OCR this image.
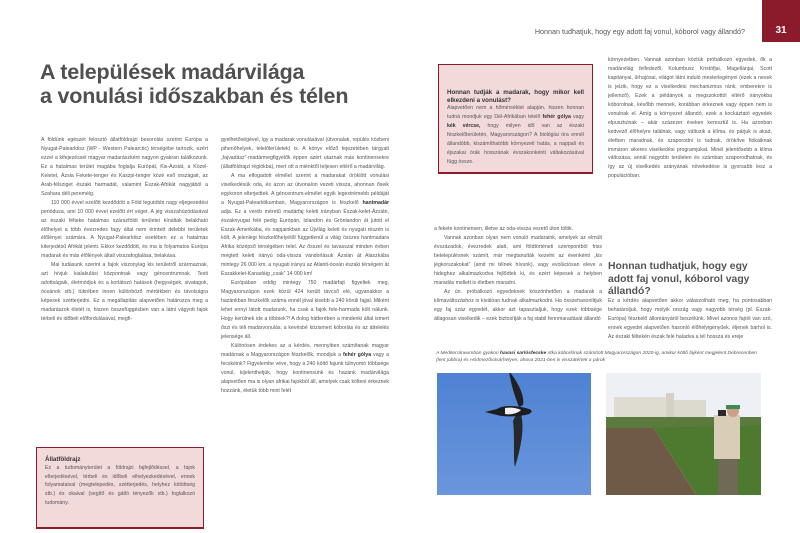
Honnan tudhatjuk, hogy egy adott faj vonul, kóborol vagy állandó?	31
A települések madárvilága
a vonulási időszakban és télen

A földünk egészét felosztó állatföldrajzi besorolás szerint Európa a Nyugat-Palearktisz (WP - Western Palearctic) térségébe tartozik, ezért ezzel a kifejezéssel magyar madarászként nagyon gyakran találkozunk. Ez a hatalmas terület magába foglalja Európát, Kis-Ázsiát, a Közel-Keletet, Ázsia Fekete-tenger és Kaszpi-tenger közé eső országait, az Arab-félsziget északi harmadát, valamint Észak-Afrikát nagyjából a Szahara déli pereméig.

110 000 évvel ezelőtt kezdődött a Föld legutóbbi nagy eljegesedési periódusa, ami 10 000 évvel ezelőtt ért véget. A jég visszahúzódásával az északi félteke hatalmas szárazföldi területei kínáltak belakható élőhelyet a több évezredes fagy által nem érintett délebbi területek élőlényei számára. A Nyugat-Palearktisz esetében ez a hatalmas kiterjedésű Afrikát jelenti. Ekkor kezdődött, és ma is folyamatos Európa madarak és más élőlények általi visszafoglalása, belakása.

Mai tudásunk szerint a fajok viszonylag kis területről származnak, azt hívjuk kialakulási központnak vagy géncentrumnak. Testi adottságaik, életmódjuk és a korlátozó hatások (hegységek, sivatagok, óceánok stb.) tükrében innen különböző mértékben és távolságra képesek szétterjedni. Ez a megállapítás alapvetően határozza meg a madarászok életét is, hiszen összefüggésben van a látni vágyott fajok térbeli és időbeli előfordulásával, megfi-

Állatföldrajz
Ez a tudományterület a földrajzi fajfejlődéssel, a fajok elterjedésével, térbeli és időbeli elhelyezkedésével, ennek folyamataival (megtelepedés, szétterjedés, helyhez kötöttség stb.) és okaival (segítő és gátló tényezők stb.) foglalkozó tudomány.

gyelhetőségével, így a madarak vonulásával (útvonalak, repülés közbeni pihenőhelyek, telelőterületek) is. A könyv előző fejezetében tárgyalt „fajvadász”-madármegfigyelők éppen azért utaznak más kontinensekre (állatföldrajzi régiókba), mert ott a miénktől teljesen eltérő a madárvilág.

A ma elfogadott elmélet szerint a madarakat öröklött vonulási viselkedésük oda, és azon az útvonalon vezeti vissza, ahonnan őseik egykoron elterjedtek. A géncentrum-elmélet egyik legextrémebb példáját a Nyugat-Palearktikumban, Magyarországon is fészkelő hantmadár adja. Ez a veréb méretű madárfaj keleti irányban Észak-kelet-Ázsián, északnyugat felé pedig Európán, Izlandon és Grönlandon át jutott el Észak-Amerikába, és napjainkban az Újvilág keleti és nyugati részén is költ. A jelenlegi fészkelőhelyétől függetlenül a világ összes hantmadara Afrika középső térségében telel. Az ősszel és tavasszal minden évben megtett keleti irányú oda-vissza vándorlásuk Ázsián át Alaszkába mintegy 26 000 km, a nyugati irányú az Atlanti-óceán északi térségein át Északkelet-Kanadáig „csak” 14 000 km!

Európában eddig mintegy 750 madárfajt figyeltek meg, Magyarországon ezek közül 424 került távcső elé, ugyanakkor a hazánkban fészkelők száma ennél jóval kisebb a 240 körüli fajjal. Miként lehet ennyi látott madarunk, ha csak a fajok fele-harmada költ nálunk. Hogy kerülnek ide a többiek?! A dolog hátterében a mindenki által ismert őszi és téli madárvonulás, a kevésbé közismert kóborlás és az áttelelés jelensége áll.

Különösen érdekes az a kérdés, mennyiben számítanak magyar madárnak a Magyarországon fészkelők, mondjuk a fehér gólya vagy a fecskéink? Figyelembe véve, hogy a 240 költő fajunk túlnyomó többsége vonul, kijelenthetjük, hogy kontinensünk és hazánk madárvilága alapvetően ma is olyan afrikai fajokból áll, amelyek csak költeni érkeznek hozzánk, életük több mint felét

Honnan tudják a madarak, hogy mikor kell elkezdeni a vonulást?
Alapvetően nem a hőmérséklet alapján, hiszen honnan tudná mondjuk egy Dél-Afrikában telelő fehér gólya vagy kék vércse, hogy milyen idő van az északi fészkelőterületén, Magyarországon? A biológiai óra ennél állandóbb, kiszámíthatóbb környezeti hatás, a nappali és éjszakai órák hosszának évszakonkénti váltakozásával függ össze.

a fekete kontinensen, illetve az oda-vissza vezető úton töltik.

Vannak azonban olyan nem vonuló madaraink, amelyek az elmúlt évszázadok, évezredek alatt, ami földtörténeti szempontból friss betelepülésnek számít, már megtanulták kezelni az évenkénti „kis jégkorszakokat” (amit mi télnek hívunk), vagy evolúciósan eleve a hideghez alkalmazkodva fejlődtek ki, és ezért képesek a helyben maradás mellett is életben maradni.

Az ún. próbálkozó egyedeknek köszönhetően a madarak a klímaváltozáshoz is kiválóan tudnak alkalmazkodni. Ha összehasonlítjuk egy faj száz egyedét, akkor azt tapasztaljuk, hogy ezek többsége átlagosan viselkedik – ezek biztosítják a faj stabil fennmaradását állandó

környezetben. Vannak azonban köztük próbálkozó egyedek, ők a madárvilág felfedezői, Kolumbusz Kristófjai, Magellánjai, Scott kapitányai, űrhajósai, világot látni induló mesterlegényei (ezek a nevek is jelzik, hogy ez a viselkedési mechanizmus ránk, emberekre is jellemző). Ezek a példányok a megszokottól eltérő irányokba kóborolnak, később mennek, korábban érkeznek vagy éppen nem is vonulnak el. Amíg a környezet állandó, ezek a kockáztató egyedek elpusztulnak – akár százezer éveken keresztül is. Ha azonban kedvező élőhelyre találnak, vagy változik a klíma, és párjuk is akad, életben maradnak, és szaporodni is tudnak, örökítve fiókáiknak immáron sikeres viselkedési programjukat. Minél jelentősebb a klíma változása, annál nagyobb területen és számban szaporodhatnak, és így az új viselkedés arányának növekedése is gyorsabb lesz a populációban.

Honnan tudhatjuk, hogy egy adott faj vonul, kóborol vagy állandó?

Ez a kérdés alapvetően akkor válaszolható meg, ha pontosabban behatároljuk, hogy melyik ország vagy nagyobb térség (pl. Észak-Európa) fészkelő állományáról beszélünk. Mivel azonos fajról van szó, ennek egyedei alapvetően hasonló élőhelyigényűek, éljenek bárhol is. Az északi féltekén észak felé haladva a tél hossza és ereje

A Mediterráneumban gyakori havasi sarlósfecske ritka kóborlónak számított Magyarországon 2020-ig, amikor költő fajként megjelent Debrecenben (lent jobbra) és Hódmezővásárhelyen, ahova 2021-ben is visszatértek a párok
